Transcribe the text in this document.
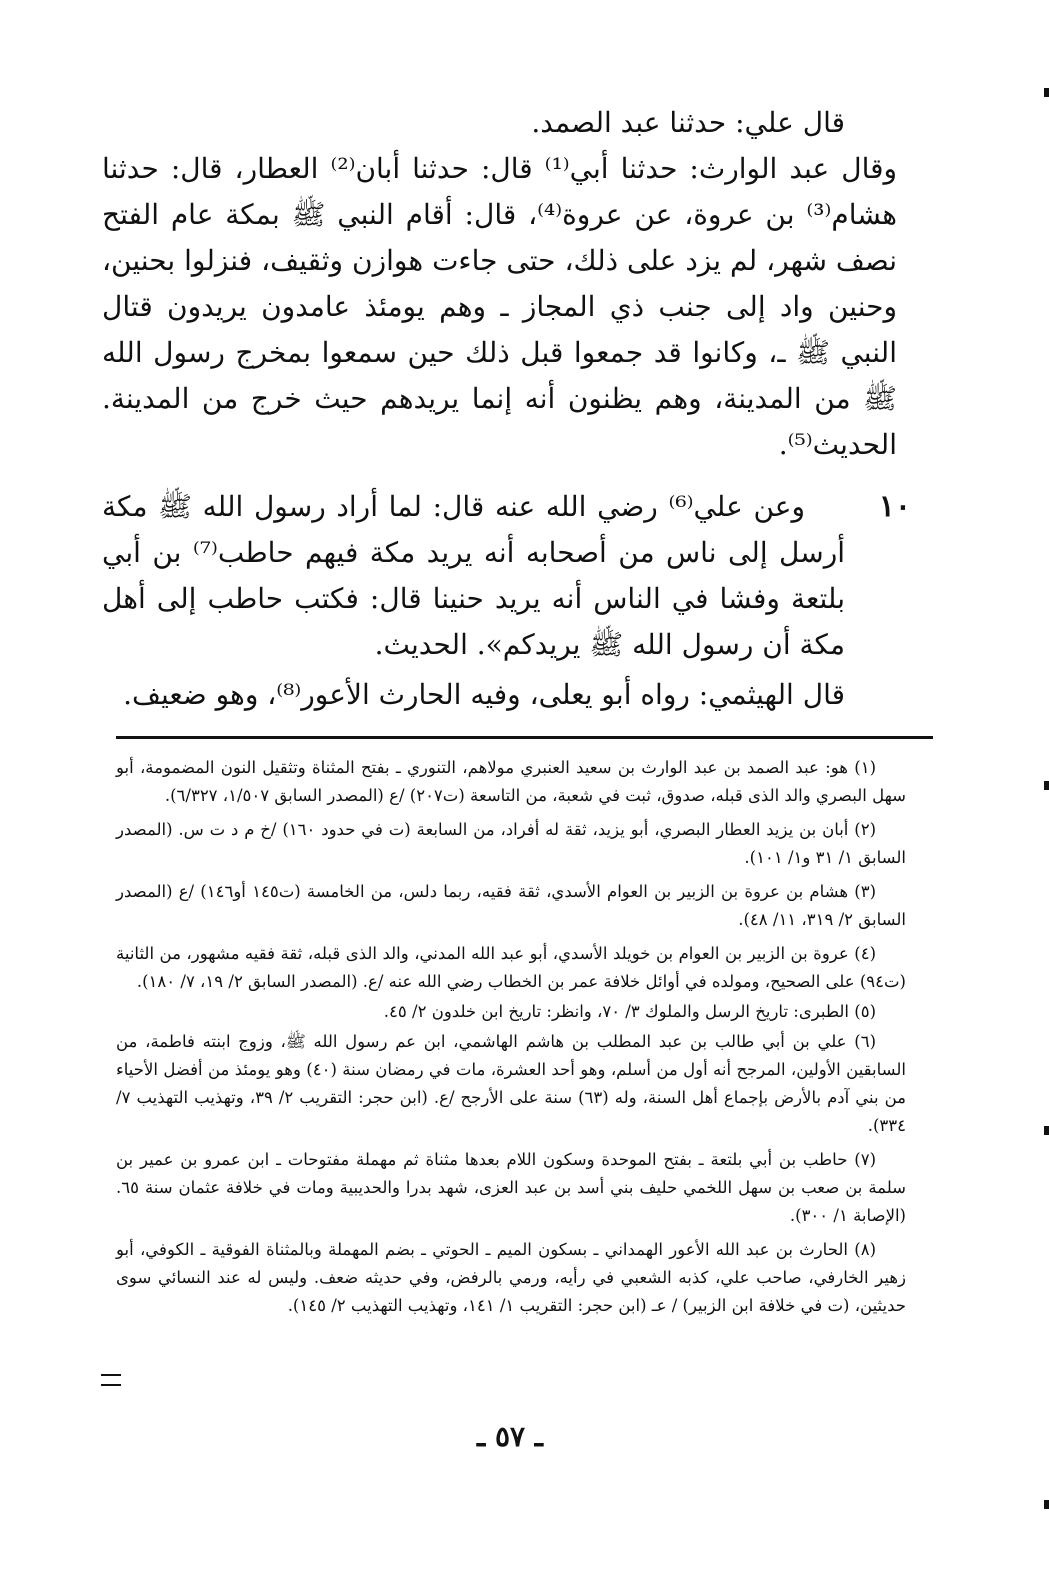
قال علي: حدثنا عبد الصمد.

وقال عبد الوارث: حدثنا أبي⁽¹⁾ قال: حدثنا أبان⁽²⁾ العطار، قال: حدثنا هشام⁽³⁾ بن عروة، عن عروة⁽⁴⁾، قال: أقام النبي ﷺ بمكة عام الفتح نصف شهر، لم يزد على ذلك، حتى جاءت هوازن وثقيف، فنزلوا بحنين، وحنين واد إلى جنب ذي المجاز ـ وهم يومئذ عامدون يريدون قتال النبي ﷺ ـ، وكانوا قد جمعوا قبل ذلك حين سمعوا بمخرج رسول الله ﷺ من المدينة، وهم يظنون أنه إنما يريدهم حيث خرج من المدينة. الحديث⁽⁵⁾.

١٠

وعن علي⁽⁶⁾ رضي الله عنه قال: لما أراد رسول الله ﷺ مكة أرسل إلى ناس من أصحابه أنه يريد مكة فيهم حاطب⁽⁷⁾ بن أبي بلتعة وفشا في الناس أنه يريد حنينا قال: فكتب حاطب إلى أهل مكة أن رسول الله ﷺ يريدكم». الحديث.

قال الهيثمي: رواه أبو يعلى، وفيه الحارث الأعور⁽⁸⁾، وهو ضعيف.

(١) هو: عبد الصمد بن عبد الوارث بن سعيد العنبري مولاهم، التنوري ـ بفتح المثناة وتثقيل النون المضمومة، أبو سهل البصري والد الذى قبله، صدوق، ثبت في شعبة، من التاسعة (ت٢٠٧) /ع (المصدر السابق ١/٥٠٧، ٦/٣٢٧).

(٢) أبان بن يزيد العطار البصري، أبو يزيد، ثقة له أفراد، من السابعة (ت في حدود ١٦٠) /خ م د ت س. (المصدر السابق ١/ ٣١ و١/ ١٠١).

(٣) هشام بن عروة بن الزبير بن العوام الأسدي، ثقة فقيه، ربما دلس، من الخامسة (ت١٤٥ أو١٤٦) /ع (المصدر السابق ٢/ ٣١٩، ١١/ ٤٨).

(٤) عروة بن الزبير بن العوام بن خويلد الأسدي، أبو عبد الله المدني، والد الذى قبله، ثقة فقيه مشهور، من الثانية (ت٩٤) على الصحيح، ومولده في أوائل خلافة عمر بن الخطاب رضي الله عنه /ع. (المصدر السابق ٢/ ١٩، ٧/ ١٨٠).

(٥) الطبرى: تاريخ الرسل والملوك ٣/ ٧٠، وانظر: تاريخ ابن خلدون ٢/ ٤٥.

(٦) علي بن أبي طالب بن عبد المطلب بن هاشم الهاشمي، ابن عم رسول الله ﷺ، وزوج ابنته فاطمة، من السابقين الأولين، المرجح أنه أول من أسلم، وهو أحد العشرة، مات في رمضان سنة (٤٠) وهو يومئذ من أفضل الأحياء من بني آدم بالأرض بإجماع أهل السنة، وله (٦٣) سنة على الأرجح /ع. (ابن حجر: التقريب ٢/ ٣٩، وتهذيب التهذيب ٧/ ٣٣٤).

(٧) حاطب بن أبي بلتعة ـ بفتح الموحدة وسكون اللام بعدها مثناة ثم مهملة مفتوحات ـ ابن عمرو بن عمير بن سلمة بن صعب بن سهل اللخمي حليف بني أسد بن عبد العزى، شهد بدرا والحديبية ومات في خلافة عثمان سنة ٦٥. (الإصابة ١/ ٣٠٠).

(٨) الحارث بن عبد الله الأعور الهمداني ـ بسكون الميم ـ الحوتي ـ بضم المهملة وبالمثناة الفوقية ـ الكوفي، أبو زهير الخارفي، صاحب علي، كذبه الشعبي في رأيه، ورمي بالرفض، وفي حديثه ضعف. وليس له عند النسائي سوى حديثين، (ت في خلافة ابن الزبير) / عـ (ابن حجر: التقريب ١/ ١٤١، وتهذيب التهذيب ٢/ ١٤٥).

ـ ٥٧ ـ
